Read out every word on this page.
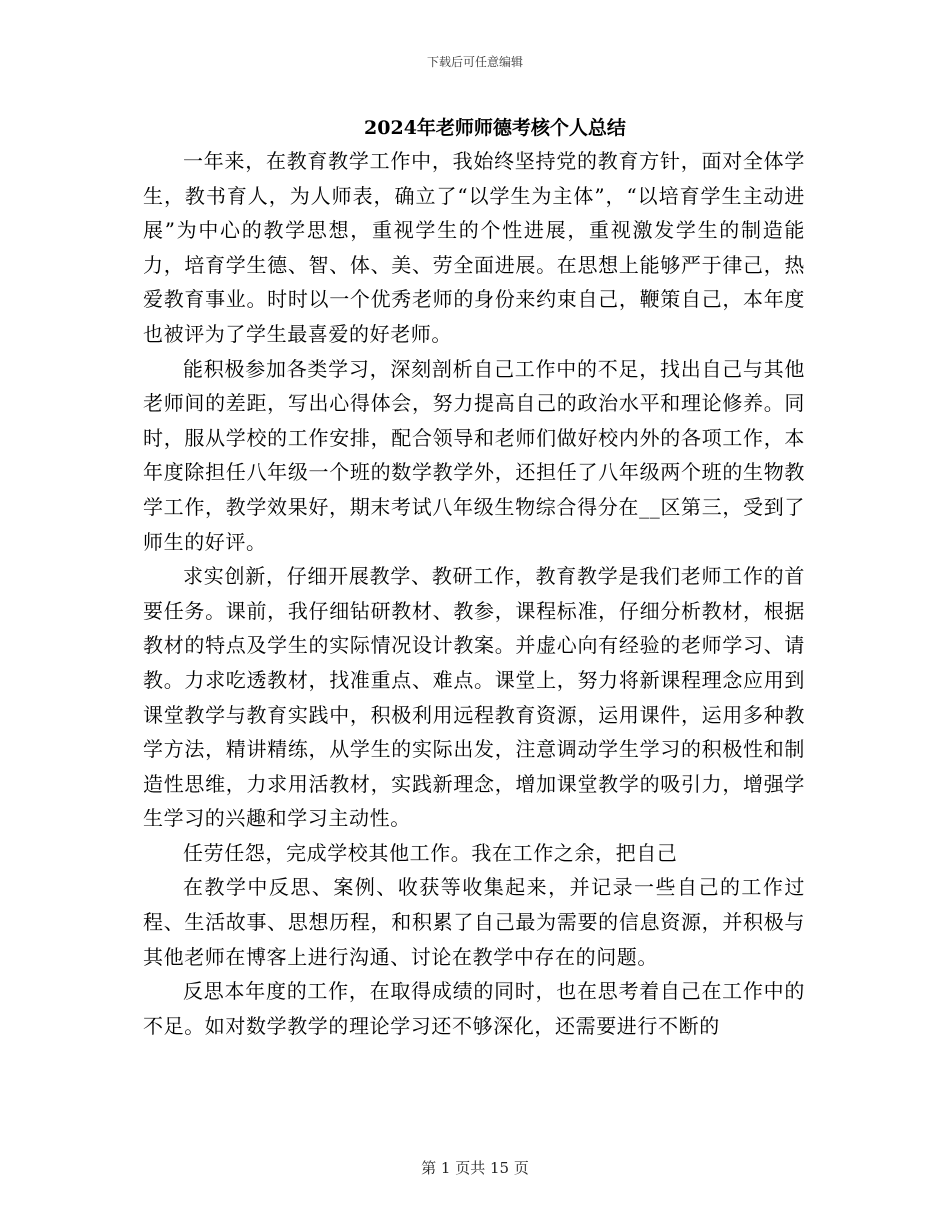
下载后可任意编辑
2024年老师师德考核个人总结

一年来，在教育教学工作中，我始终坚持党的教育方针，面对全体学生，教书育人，为人师表，确立了“以学生为主体”，“以培育学生主动进展”为中心的教学思想，重视学生的个性进展，重视激发学生的制造能力，培育学生德、智、体、美、劳全面进展。在思想上能够严于律己，热爱教育事业。时时以一个优秀老师的身份来约束自己，鞭策自己，本年度也被评为了学生最喜爱的好老师。

能积极参加各类学习，深刻剖析自己工作中的不足，找出自己与其他老师间的差距，写出心得体会，努力提高自己的政治水平和理论修养。同时，服从学校的工作安排，配合领导和老师们做好校内外的各项工作，本年度除担任八年级一个班的数学教学外，还担任了八年级两个班的生物教学工作，教学效果好，期末考试八年级生物综合得分在__区第三，受到了师生的好评。

求实创新，仔细开展教学、教研工作，教育教学是我们老师工作的首要任务。课前，我仔细钻研教材、教参，课程标准，仔细分析教材，根据教材的特点及学生的实际情况设计教案。并虚心向有经验的老师学习、请教。力求吃透教材，找准重点、难点。课堂上，努力将新课程理念应用到课堂教学与教育实践中，积极利用远程教育资源，运用课件，运用多种教学方法，精讲精练，从学生的实际出发，注意调动学生学习的积极性和制造性思维，力求用活教材，实践新理念，增加课堂教学的吸引力，增强学生学习的兴趣和学习主动性。

任劳任怨，完成学校其他工作。我在工作之余，把自己

在教学中反思、案例、收获等收集起来，并记录一些自己的工作过程、生活故事、思想历程，和积累了自己最为需要的信息资源，并积极与其他老师在博客上进行沟通、讨论在教学中存在的问题。

反思本年度的工作，在取得成绩的同时，也在思考着自己在工作中的不足。如对数学教学的理论学习还不够深化，还需要进行不断的

第 1 页共 15 页
